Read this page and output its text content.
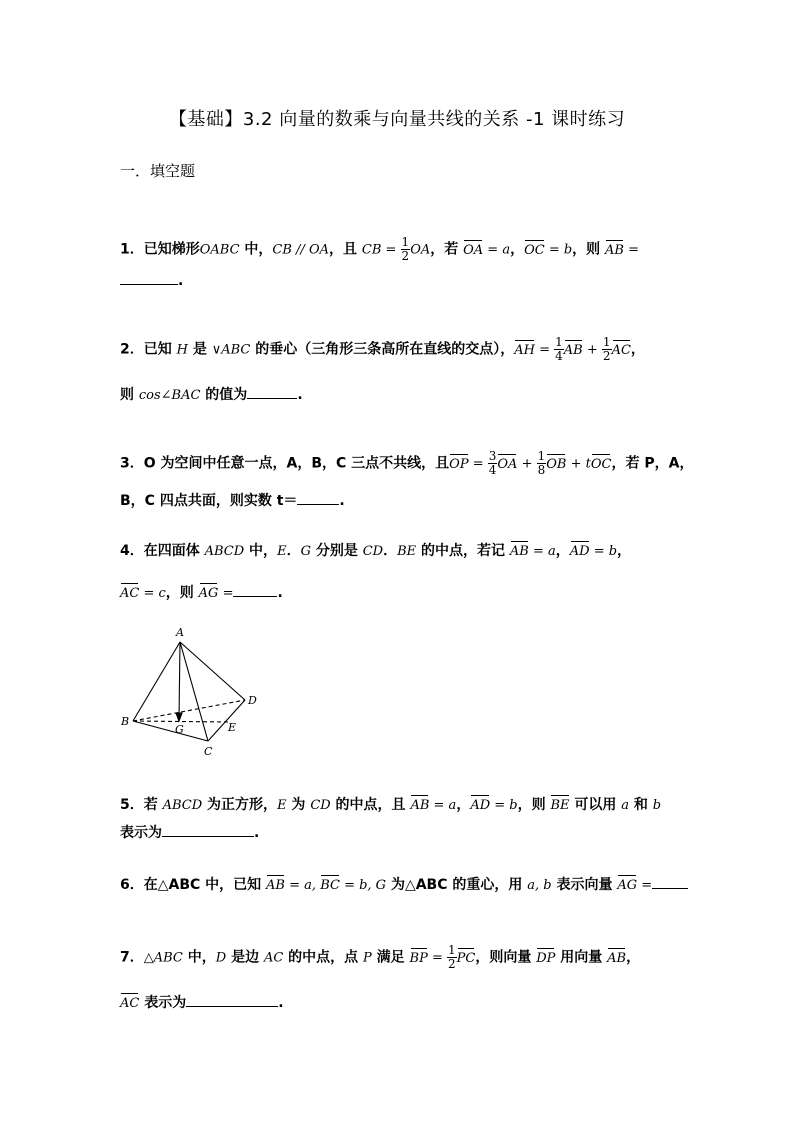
【基础】3.2 向量的数乘与向量共线的关系 -1 课时练习
一．填空题
1．已知梯形OABC 中，CB // OA，且 CB = $\frac{1}{2}$ OA，若 OA = a，OC = b，则 AB =
.
2．已知 H 是 ∨ABC 的垂心（三角形三条高所在直线的交点），AH = $\frac{1}{4}$ AB + $\frac{1}{2}$ AC，
则 cos∠BAC 的值为	.
3．O 为空间中任意一点，A，B，C 三点不共线，且OP = $\frac{3}{4}$ OA + $\frac{1}{8}$ OB + tOC，若 P，A，
B，C 四点共面，则实数 t＝	.
4．在四面体 ABCD 中，E．G 分别是 CD．BE 的中点，若记 AB = a，AD = b，
AC = c，则 AG =	.
A
B
C
D
E
G
5．若 ABCD 为正方形，E 为 CD 的中点，且 AB = a，AD = b，则 BE 可以用 a 和 b
表示为	.
6．在△ABC 中，已知 AB = a, BC = b, G 为△ABC 的重心，用 a, b 表示向量 AG =
7．△ABC 中，D 是边 AC 的中点，点 P 满足 BP = $\frac{1}{2}$ PC，则向量 DP 用向量 AB，
AC 表示为	.
